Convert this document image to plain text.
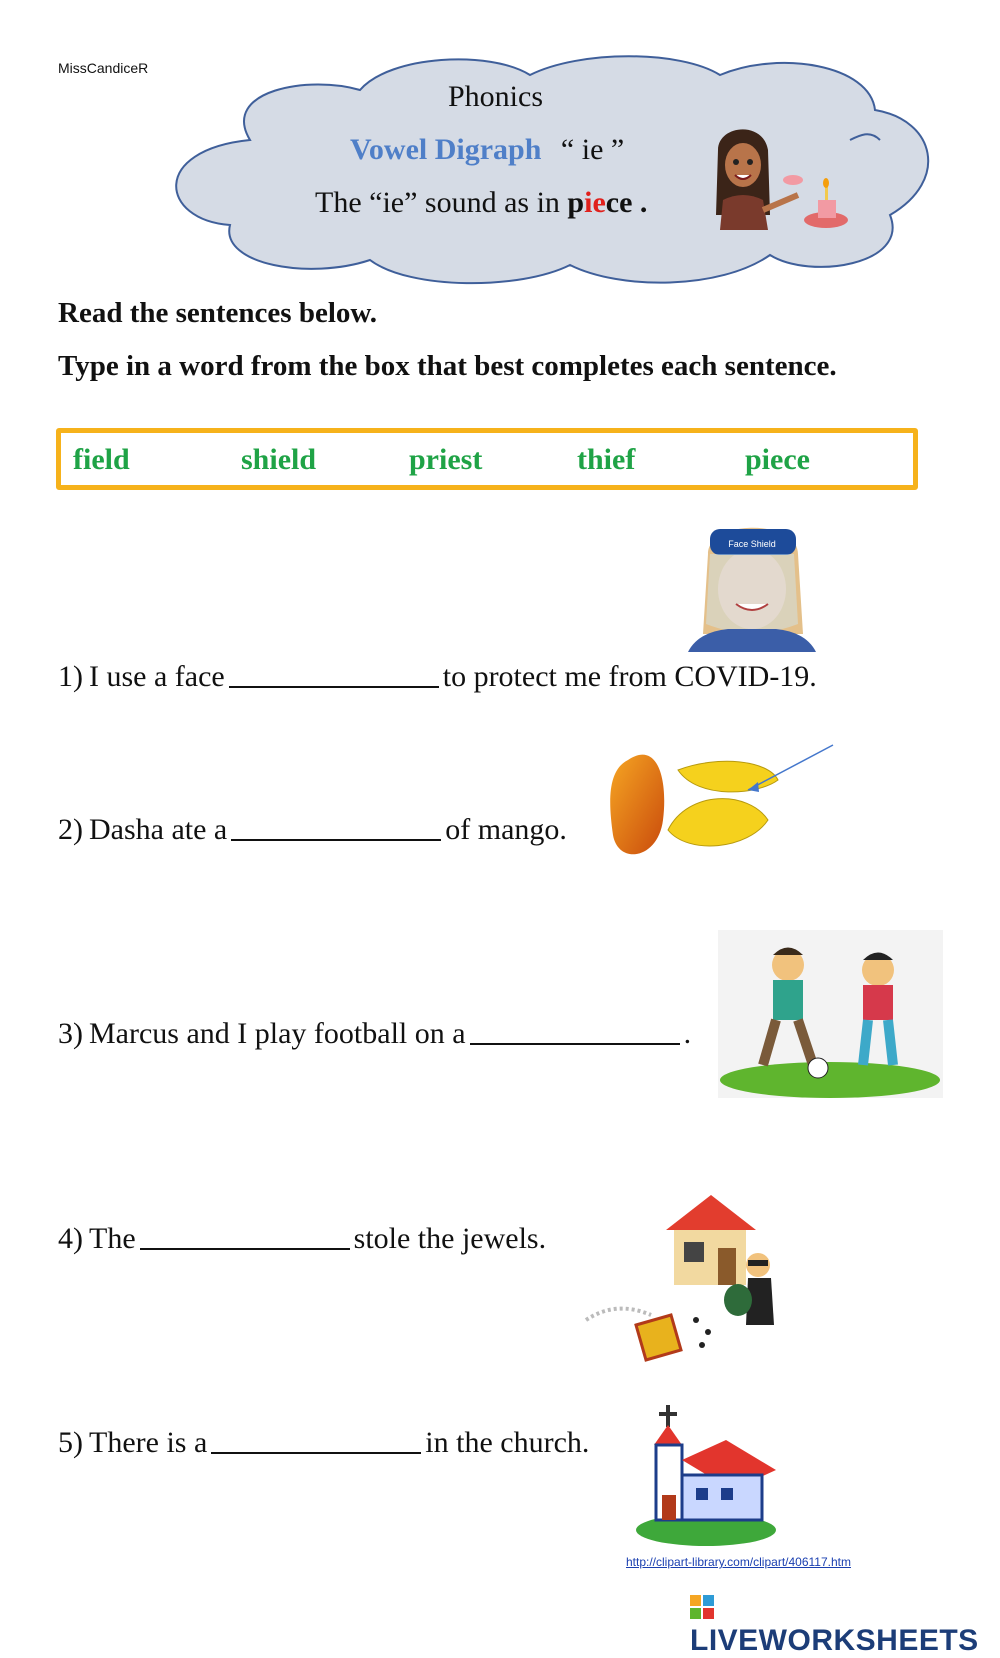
MissCandiceR
Phonics
Vowel Digraph “ ie ”
The “ie” sound as in piece .
Read the sentences below.
Type in a word from the box that best completes each sentence.
field	shield	priest	thief	piece
Face Shield
1) I use a face	to protect me from COVID-19.
2) Dasha ate a	of mango.
3) Marcus and I play football on a	.
4) The	stole the jewels.
5) There is a	in the church.
http://clipart-library.com/clipart/406117.htm
LIVEWORKSHEETS
